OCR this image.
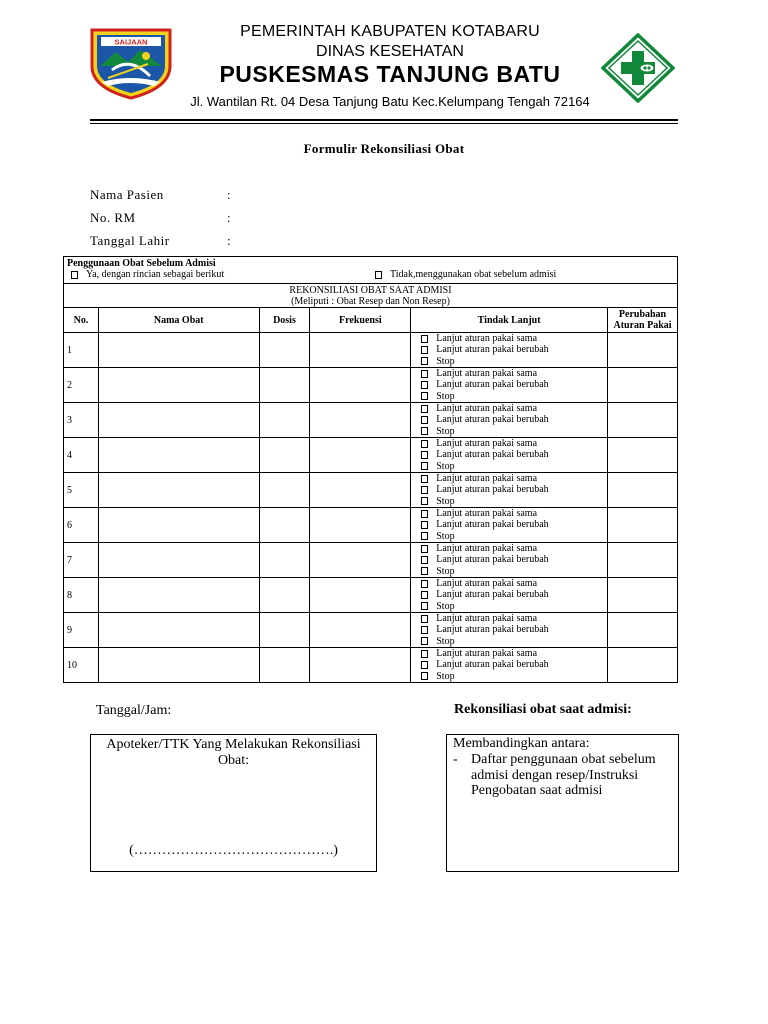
SAIJAAN
PEMERINTAH KABUPATEN KOTABARU
DINAS KESEHATAN
PUSKESMAS TANJUNG BATU
Jl. Wantilan Rt. 04 Desa Tanjung Batu Kec.Kelumpang Tengah 72164
Formulir Rekonsiliasi Obat
Nama Pasien	:
No. RM	:
Tanggal Lahir	:
Penggunaan Obat Sebelum Admisi
Ya, dengan rincian sebagai berikut Tidak,menggunakan obat sebelum admisi					

REKONSILIASI OBAT SAAT ADMISI
(Meliputi : Obat Resep dan Non Resep)					

No.	Nama Obat	Dosis	Frekuensi	Tindak Lanjut	Perubahan Aturan Pakai
1				Lanjut aturan pakai sama
Lanjut aturan pakai berubah
Stop	

2				Lanjut aturan pakai sama
Lanjut aturan pakai berubah
Stop	

3				Lanjut aturan pakai sama
Lanjut aturan pakai berubah
Stop	

4				Lanjut aturan pakai sama
Lanjut aturan pakai berubah
Stop	

5				Lanjut aturan pakai sama
Lanjut aturan pakai berubah
Stop	

6				Lanjut aturan pakai sama
Lanjut aturan pakai berubah
Stop	

7				Lanjut aturan pakai sama
Lanjut aturan pakai berubah
Stop	

8				Lanjut aturan pakai sama
Lanjut aturan pakai berubah
Stop	

9				Lanjut aturan pakai sama
Lanjut aturan pakai berubah
Stop	

10				Lanjut aturan pakai sama
Lanjut aturan pakai berubah
Stop	

Tanggal/Jam:
Apoteker/TTK Yang Melakukan Rekonsiliasi Obat:
(…………………………………….)
Rekonsiliasi obat saat admisi:
Membandingkan antara:
- Daftar penggunaan obat sebelum admisi dengan resep/Instruksi Pengobatan saat admisi
